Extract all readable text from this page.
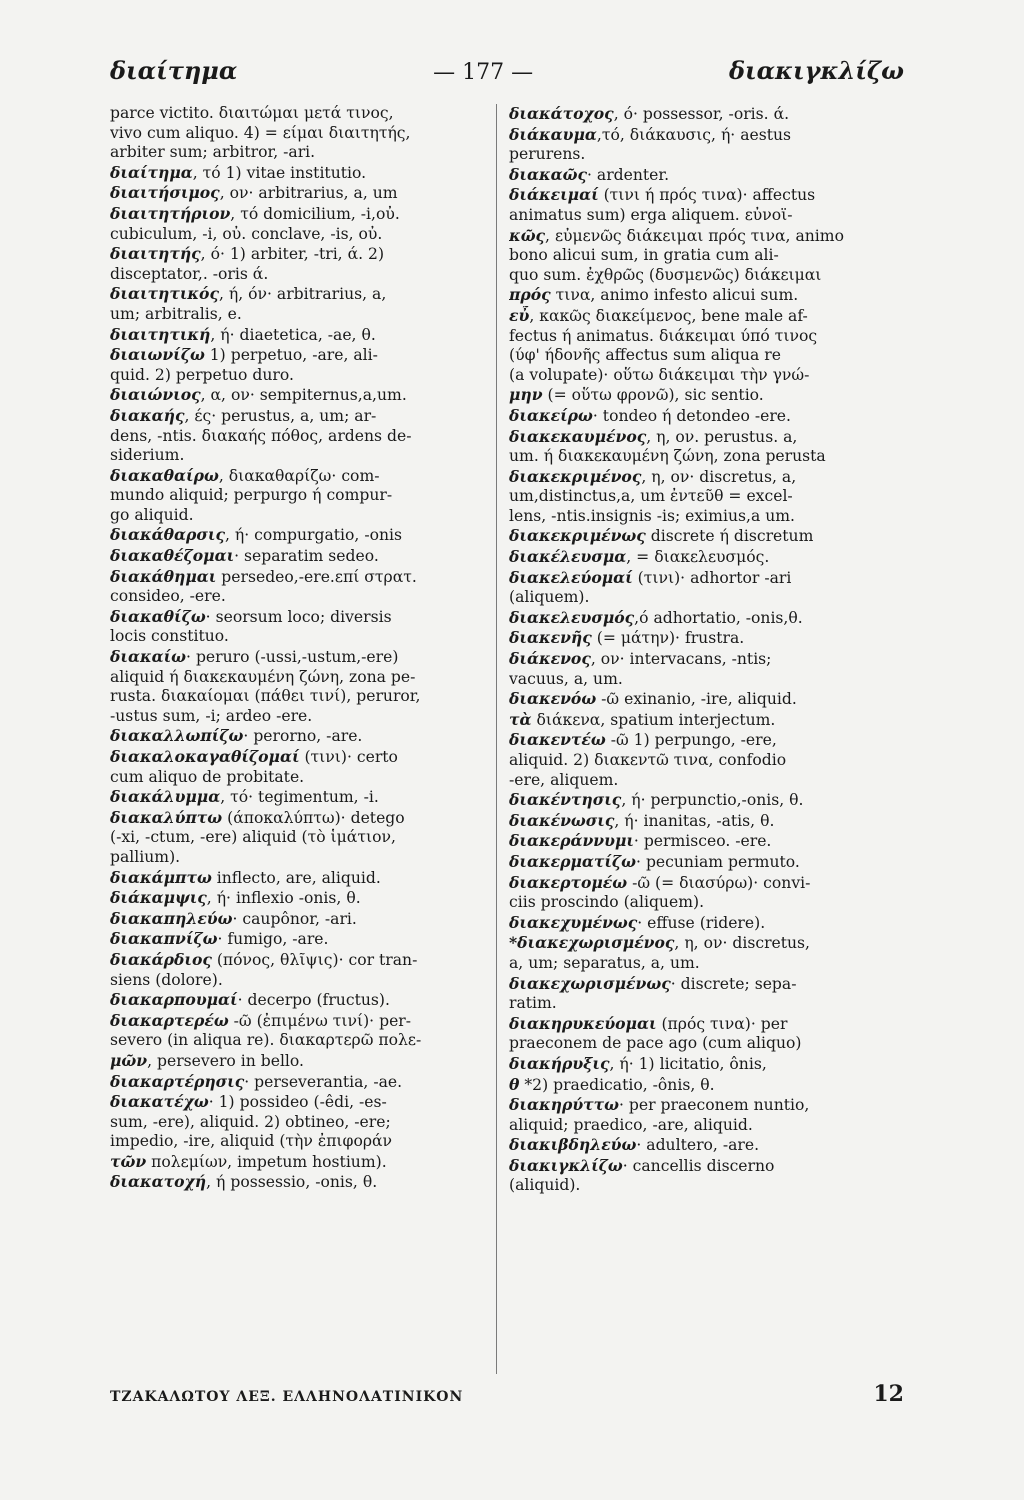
διαίτημα	— 177 —	διακιγκλίζω
parce victito. διαιτώμαι μετά τινος,
vivo cum aliquo. 4) = είμαι διαιτητής,
arbiter sum; arbitror, -ari.
διαίτημα, τό 1) vitae institutio.
διαιτήσιμος, ον· arbitrarius, a, um
διαιτητήριον, τό domicilium, -i,οὐ.
cubiculum, -i, οὐ. conclave, -is, οὐ.
διαιτητής, ό· 1) arbiter, -tri, ά. 2)
disceptator,. -oris ά.
διαιτητικός, ή, όν· arbitrarius, a,
um; arbitralis, e.
διαιτητική, ή· diaetetica, -ae, θ.
διαιωνίζω 1) perpetuo, -are, ali-
quid. 2) perpetuo duro.
διαιώνιος, α, ον· sempiternus,a,um.
διακαής, ές· perustus, a, um; ar-
dens, -ntis. διακαής πόθος, ardens de-
siderium.
διακαθαίρω, διακαθαρίζω· com-
mundo aliquid; perpurgo ή compur-
go aliquid.
διακάθαρσις, ή· compurgatio, -onis
διακαθέζομαι· separatim sedeo.
διακάθημαι persedeo,-ere.επί στρατ.
consideo, -ere.
διακαθίζω· seorsum loco; diversis
locis constituo.
διακαίω· peruro (-ussi,-ustum,-ere)
aliquid ή διακεκαυμένη ζώνη, zona pe-
rusta. διακαίομαι (πάθει τινί), peruror,
-ustus sum, -i; ardeo -ere.
διακαλλωπίζω· perorno, -are.
διακαλοκαγαθίζομαί (τινι)· certo
cum aliquo de probitate.
διακάλυμμα, τό· tegimentum, -i.
διακαλύπτω (άποκαλύπτω)· detego
(-xi, -ctum, -ere) aliquid (τὸ ἱμάτιον,
pallium).
διακάμπτω inflecto, are, aliquid.
διάκαμψις, ή· inflexio -onis, θ.
διακαπηλεύω· caupônor, -ari.
διακαπνίζω· fumigo, -are.
διακάρδιος (πόνος, θλῖψις)· cor tran-
siens (dolore).
διακαρπουμαί· decerpo (fructus).
διακαρτερέω -ῶ (ἐπιμένω τινί)· per-
severo (in aliqua re). διακαρτερῶ πολε-
μῶν, persevero in bello.
διακαρτέρησις· perseverantia, -ae.
διακατέχω· 1) possideo (-êdi, -es-
sum, -ere), aliquid. 2) obtineo, -ere;
impedio, -ire, aliquid (τὴν ἐπιφοράν
τῶν πολεμίων, impetum hostium).
διακατοχή, ή possessio, -onis, θ.
διακάτοχος, ό· possessor, -oris. ά.
διάκαυμα,τό, διάκαυσις, ή· aestus
perurens.
διακαῶς· ardenter.
διάκειμαί (τινι ή πρός τινα)· affectus
animatus sum) erga aliquem. εὐνοϊ-
κῶς, εὐμενῶς διάκειμαι πρός τινα, animo
bono alicui sum, in gratia cum ali-
quo sum. ἐχθρῶς (δυσμενῶς) διάκειμαι
πρός τινα, animo infesto alicui sum.
εὖ, κακῶς διακείμενος, bene male af-
fectus ή animatus. διάκειμαι ύπό τινος
(ύφ' ήδονῆς affectus sum aliqua re
(a volupate)· οὕτω διάκειμαι τὴν γνώ-
μην (= οὕτω φρονῶ), sic sentio.
διακείρω· tondeo ή detondeo -ere.
διακεκαυμένος, η, ον. perustus. a,
um. ή διακεκαυμένη ζώνη, zona perusta
διακεκριμένος, η, ον· discretus, a,
um,distinctus,a, um ἐντεῦθ = excel-
lens, -ntis.insignis -is; eximius,a um.
διακεκριμένως discrete ή discretum
διακέλευσμα, = διακελευσμός.
διακελεύομαί (τινι)· adhortor -ari
(aliquem).
διακελευσμός,ό adhortatio, -onis,θ.
διακενῆς (= μάτην)· frustra.
διάκενος, ον· intervacans, -ntis;
vacuus, a, um.
διακενόω -ῶ exinanio, -ire, aliquid.
τὰ διάκενα, spatium interjectum.
διακεντέω -ῶ 1) perpungo, -ere,
aliquid. 2) διακεντῶ τινα, confodio
-ere, aliquem.
διακέντησις, ή· perpunctio,-onis, θ.
διακένωσις, ή· inanitas, -atis, θ.
διακεράννυμι· permisceo. -ere.
διακερματίζω· pecuniam permuto.
διακερτομέω -ῶ (= διασύρω)· convi-
ciis proscindo (aliquem).
διακεχυμένως· effuse (ridere).
*διακεχωρισμένος, η, ον· discretus,
a, um; separatus, a, um.
διακεχωρισμένως· discrete; sepa-
ratim.
διακηρυκεύομαι (πρός τινα)· per
praeconem de pace ago (cum aliquo)
διακήρυξις, ή· 1) licitatio, ônis,
θ *2) praedicatio, -ônis, θ.
διακηρύττω· per praeconem nuntio,
aliquid; praedico, -are, aliquid.
διακιβδηλεύω· adultero, -are.
διακιγκλίζω· cancellis discerno
(aliquid).
ΤΖΑΚΑΛΩΤΟΥ ΛΕΞ. ΕΛΛΗΝΟΛΑΤΙΝΙΚΟΝ	12
